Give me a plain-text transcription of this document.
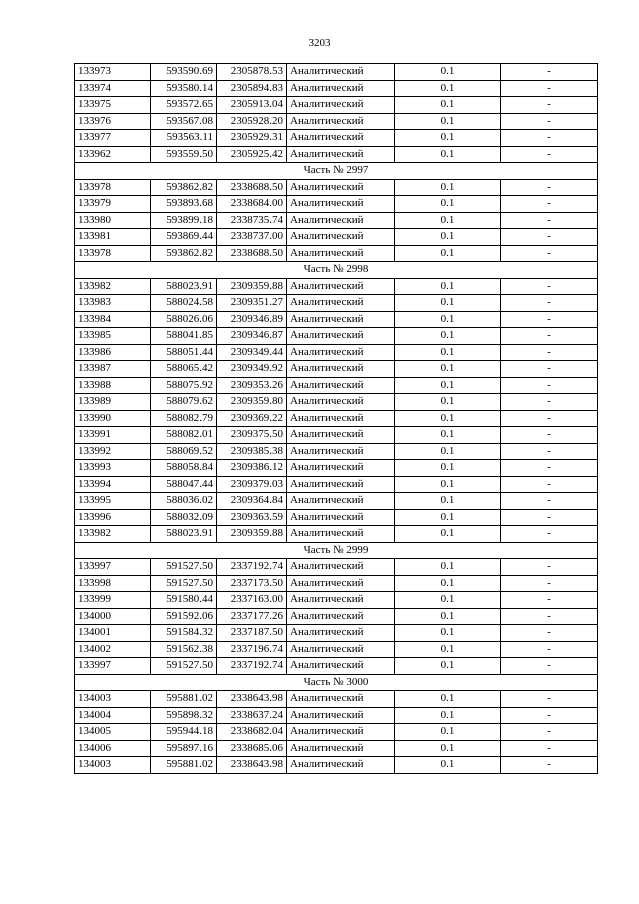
3203
133973	593590.69	2305878.53	Аналитический	0.1	-
133974	593580.14	2305894.83	Аналитический	0.1	-
133975	593572.65	2305913.04	Аналитический	0.1	-
133976	593567.08	2305928.20	Аналитический	0.1	-
133977	593563.11	2305929.31	Аналитический	0.1	-
133962	593559.50	2305925.42	Аналитический	0.1	-
Часть № 2997					
133978	593862.82	2338688.50	Аналитический	0.1	-
133979	593893.68	2338684.00	Аналитический	0.1	-
133980	593899.18	2338735.74	Аналитический	0.1	-
133981	593869.44	2338737.00	Аналитический	0.1	-
133978	593862.82	2338688.50	Аналитический	0.1	-
Часть № 2998					
133982	588023.91	2309359.88	Аналитический	0.1	-
133983	588024.58	2309351.27	Аналитический	0.1	-
133984	588026.06	2309346.89	Аналитический	0.1	-
133985	588041.85	2309346.87	Аналитический	0.1	-
133986	588051.44	2309349.44	Аналитический	0.1	-
133987	588065.42	2309349.92	Аналитический	0.1	-
133988	588075.92	2309353.26	Аналитический	0.1	-
133989	588079.62	2309359.80	Аналитический	0.1	-
133990	588082.79	2309369.22	Аналитический	0.1	-
133991	588082.01	2309375.50	Аналитический	0.1	-
133992	588069.52	2309385.38	Аналитический	0.1	-
133993	588058.84	2309386.12	Аналитический	0.1	-
133994	588047.44	2309379.03	Аналитический	0.1	-
133995	588036.02	2309364.84	Аналитический	0.1	-
133996	588032.09	2309363.59	Аналитический	0.1	-
133982	588023.91	2309359.88	Аналитический	0.1	-
Часть № 2999					
133997	591527.50	2337192.74	Аналитический	0.1	-
133998	591527.50	2337173.50	Аналитический	0.1	-
133999	591580.44	2337163.00	Аналитический	0.1	-
134000	591592.06	2337177.26	Аналитический	0.1	-
134001	591584.32	2337187.50	Аналитический	0.1	-
134002	591562.38	2337196.74	Аналитический	0.1	-
133997	591527.50	2337192.74	Аналитический	0.1	-
Часть № 3000					
134003	595881.02	2338643.98	Аналитический	0.1	-
134004	595898.32	2338637.24	Аналитический	0.1	-
134005	595944.18	2338682.04	Аналитический	0.1	-
134006	595897.16	2338685.06	Аналитический	0.1	-
134003	595881.02	2338643.98	Аналитический	0.1	-
